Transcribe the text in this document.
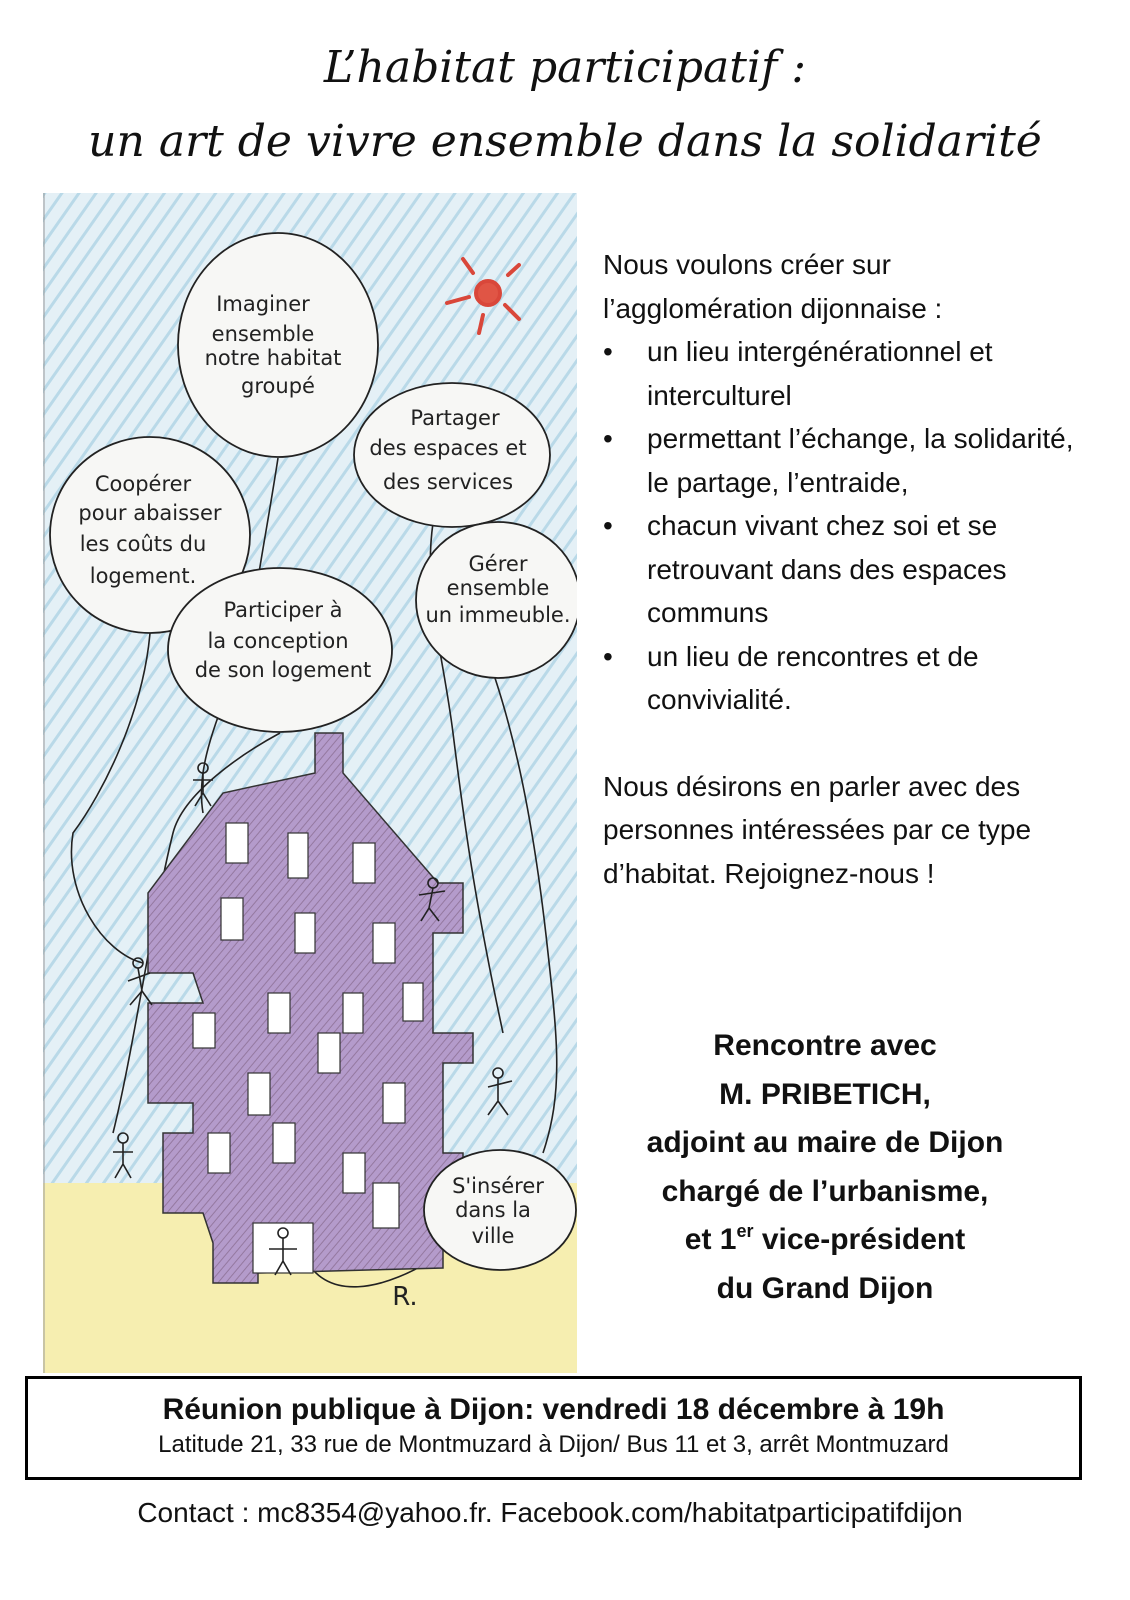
L’habitat participatif :
un art de vivre ensemble dans la solidarité
Imaginer
ensemble
notre habitat
groupé
Partager
des espaces et
des services
Coopérer
pour abaisser
les coûts du
logement.	Gérer
ensemble
un immeuble.
Participer à
la conception
de son logement
S'insérer
dans la
ville
R.

Nous voulons créer sur l’agglomération dijonnaise :

• un lieu intergénérationnel et interculturel
• permettant l’échange, la solidarité, le partage, l’entraide,
• chacun vivant chez soi et se retrouvant dans des espaces communs
• un lieu de rencontres et de convivialité.

Nous désirons en parler avec des personnes intéressées par ce type d’habitat. Rejoignez-nous !

Rencontre avec
M. PRIBETICH,
adjoint au maire de Dijon
chargé de l’urbanisme,
et 1er vice-président
du Grand Dijon
Réunion publique à Dijon: vendredi 18 décembre à 19h
Latitude 21, 33 rue de Montmuzard à Dijon/ Bus 11 et 3, arrêt Montmuzard
Contact : mc8354@yahoo.fr. Facebook.com/habitatparticipatifdijon
